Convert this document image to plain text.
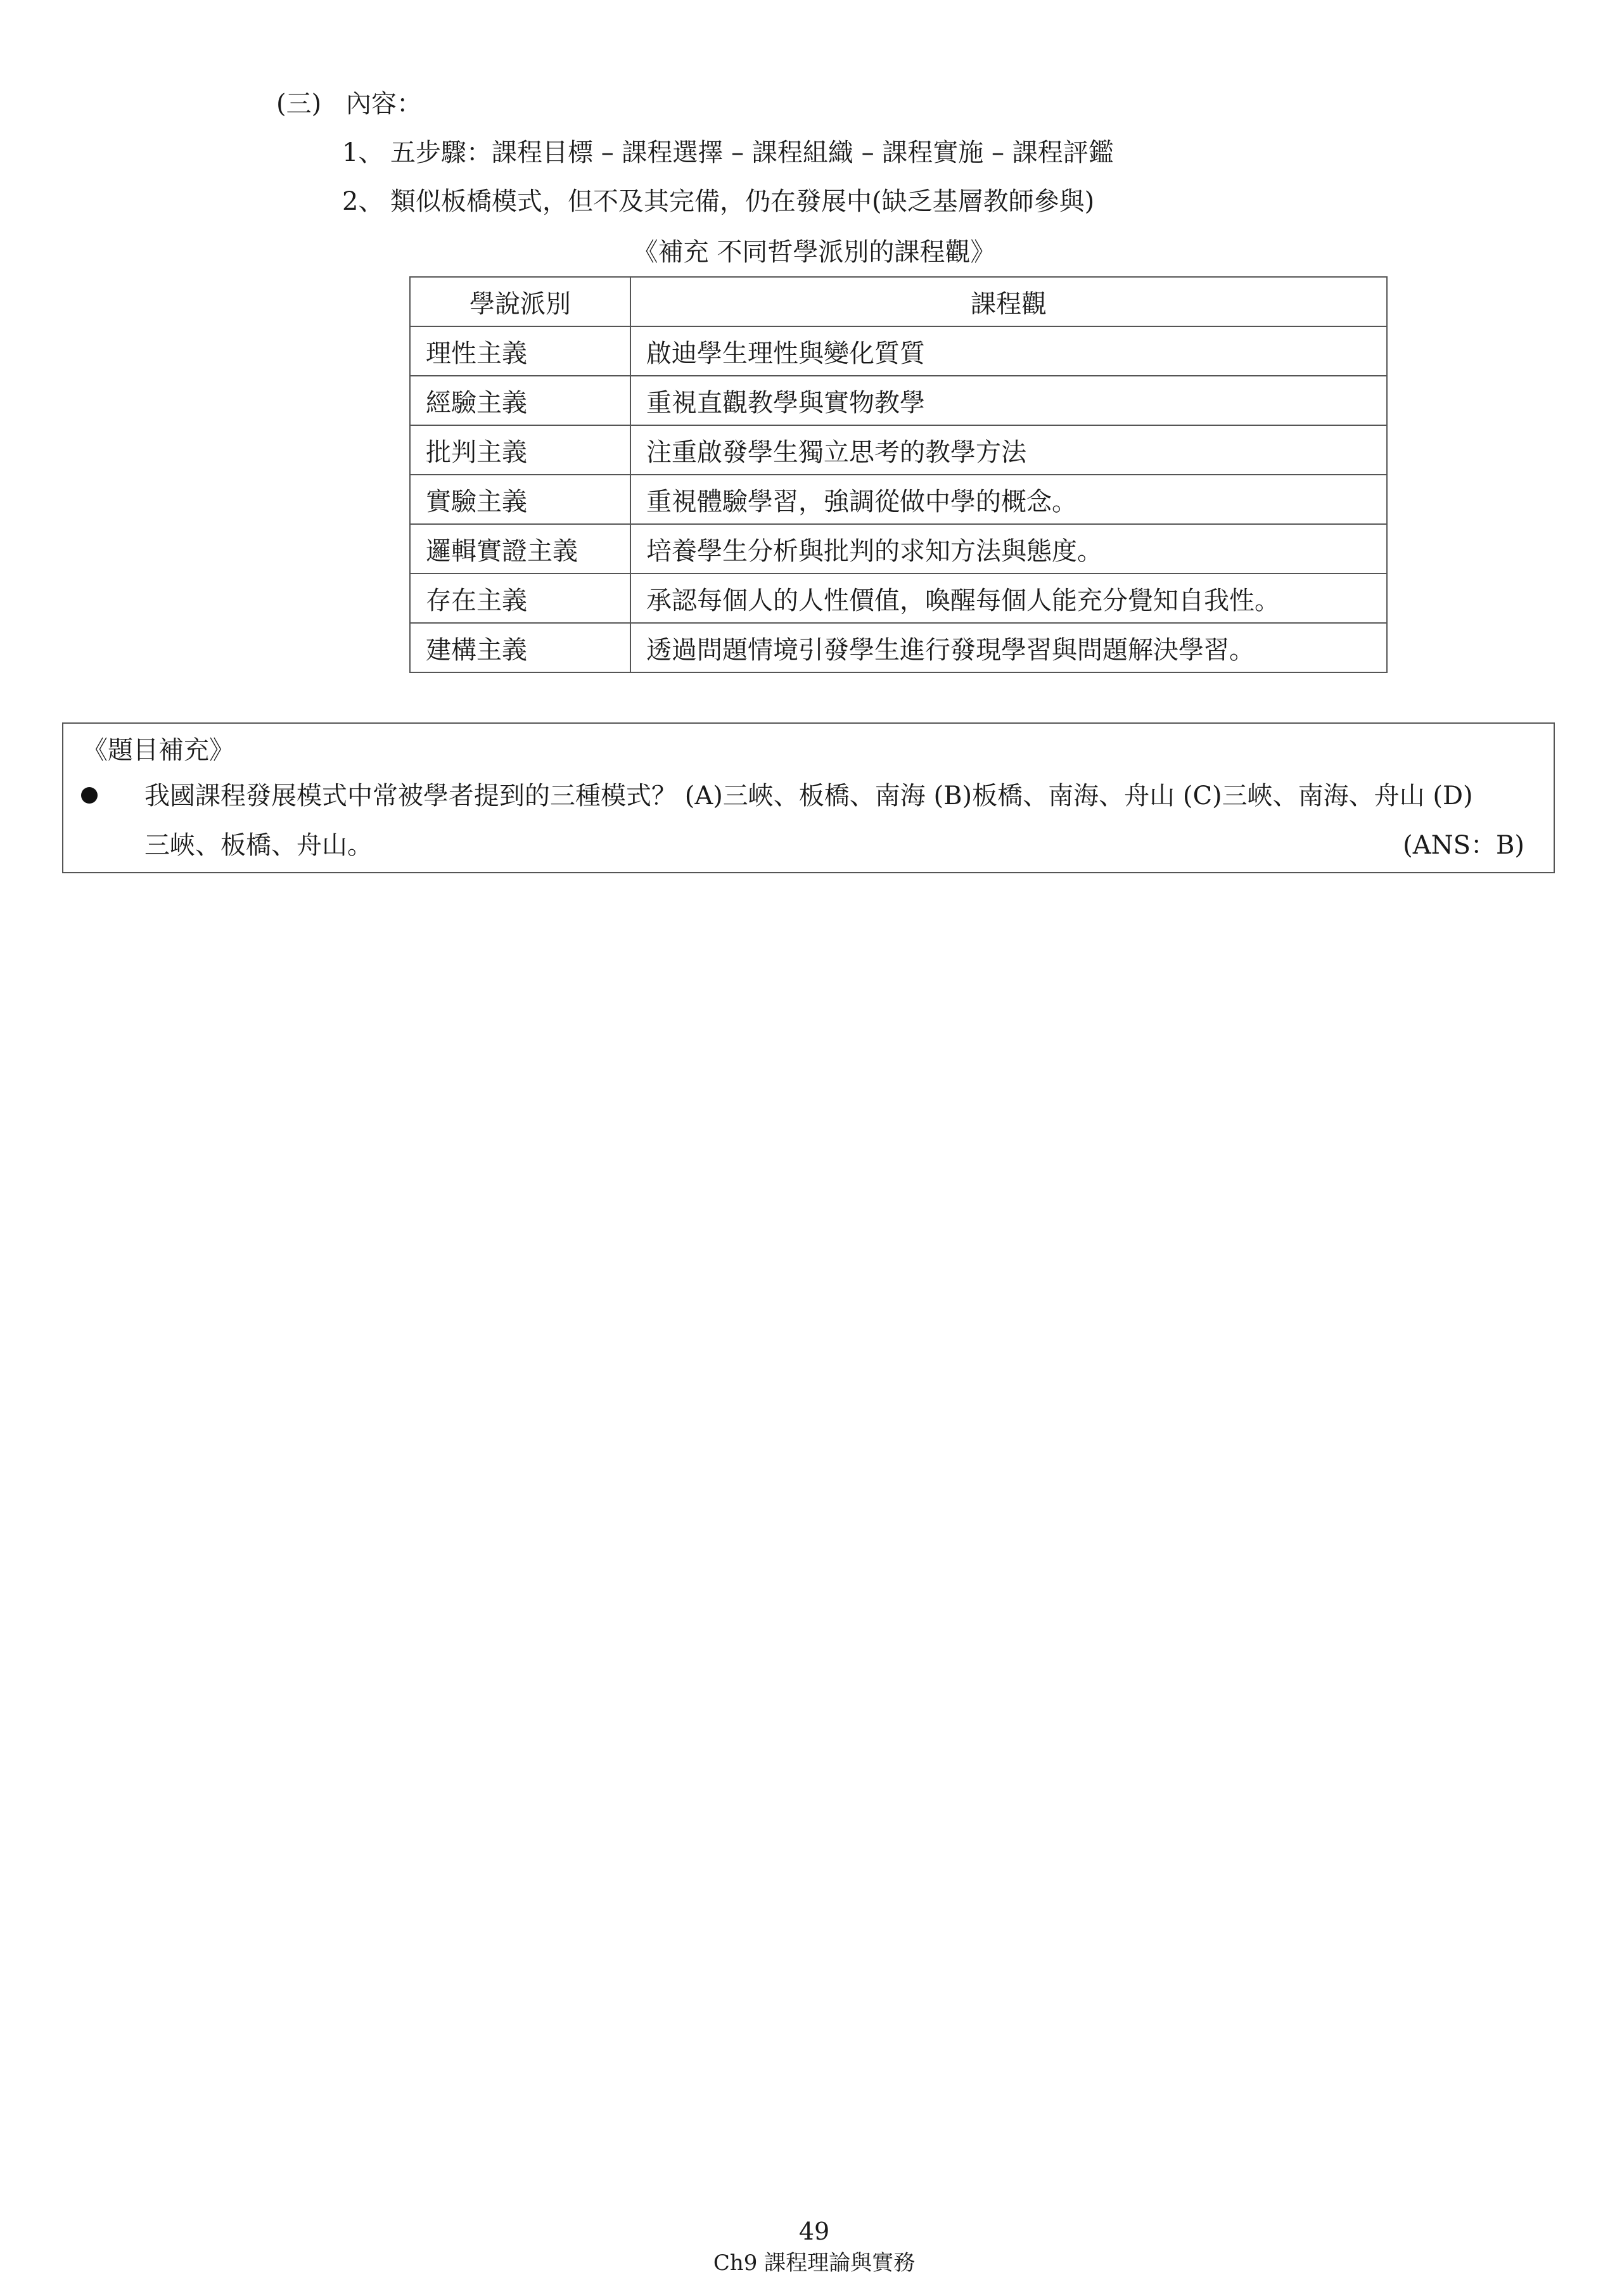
(三) 內容：
1、 五步驟：課程目標 – 課程選擇 – 課程組織 – 課程實施 – 課程評鑑
2、 類似板橋模式，但不及其完備，仍在發展中(缺乏基層教師參與)
《補充 不同哲學派別的課程觀》
學說派別	課程觀
理性主義	啟迪學生理性與變化質質
經驗主義	重視直觀教學與實物教學
批判主義	注重啟發學生獨立思考的教學方法
實驗主義	重視體驗學習，強調從做中學的概念。
邏輯實證主義	培養學生分析與批判的求知方法與態度。
存在主義	承認每個人的人性價值，喚醒每個人能充分覺知自我性。
建構主義	透過問題情境引發學生進行發現學習與問題解決學習。
《題目補充》
我國課程發展模式中常被學者提到的三種模式？ (A)三峽、板橋、南海 (B)板橋、南海、舟山 (C)三峽、南海、舟山 (D)
三峽、板橋、舟山。	(ANS：B)
49
Ch9 課程理論與實務
